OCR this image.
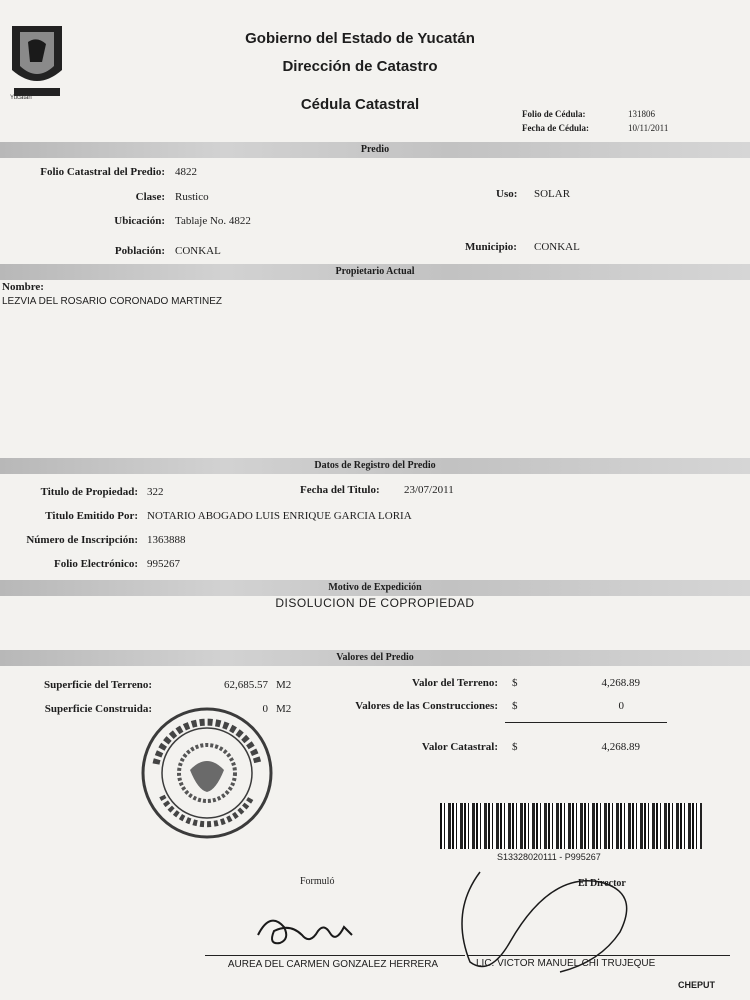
Yucatán
Gobierno del Estado de Yucatán
Dirección de Catastro
Cédula Catastral
Folio de Cédula:	131806
Fecha de Cédula:	10/11/2011
Predio
Folio Catastral del Predio: 4822
Clase: Rustico	Uso: SOLAR
Ubicación: Tablaje No. 4822
Población: CONKAL	Municipio: CONKAL
Propietario Actual
Nombre:
LEZVIA DEL ROSARIO CORONADO MARTINEZ
Datos de Registro del Predio
Titulo de Propiedad: 322	Fecha del Titulo: 23/07/2011
Titulo Emitido Por: NOTARIO ABOGADO LUIS ENRIQUE GARCIA LORIA
Número de Inscripción: 1363888
Folio Electrónico: 995267
Motivo de Expedición
DISOLUCION DE COPROPIEDAD
Valores del Predio
Superficie del Terreno:	62,685.57 M2
Superficie Construida:	0 M2
Valor del Terreno: $	4,268.89
Valores de las Construcciones: $	0
Valor Catastral: $	4,268.89
S13328020111 - P995267
Formuló	El Director
AUREA DEL CARMEN GONZALEZ HERRERA	LIC. VICTOR MANUEL CHI TRUJEQUE
CHEPUT
